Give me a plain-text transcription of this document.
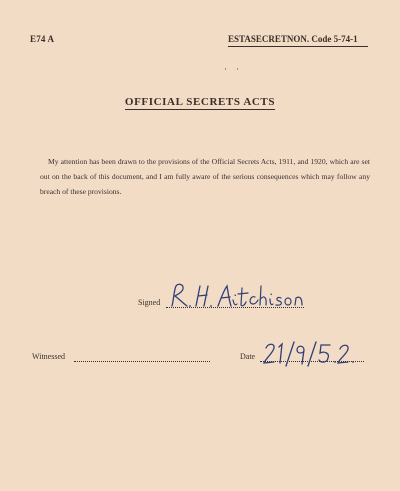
E74 A	ESTASECRETNON. Code 5-74-1
·    ·
OFFICIAL SECRETS ACTS
My attention has been drawn to the provisions of the Official Secrets Acts, 1911, and 1920, which are set out on the back of this document, and I am fully aware of the serious consequences which may follow any breach of these provisions.
Signed
Witnessed	Date
